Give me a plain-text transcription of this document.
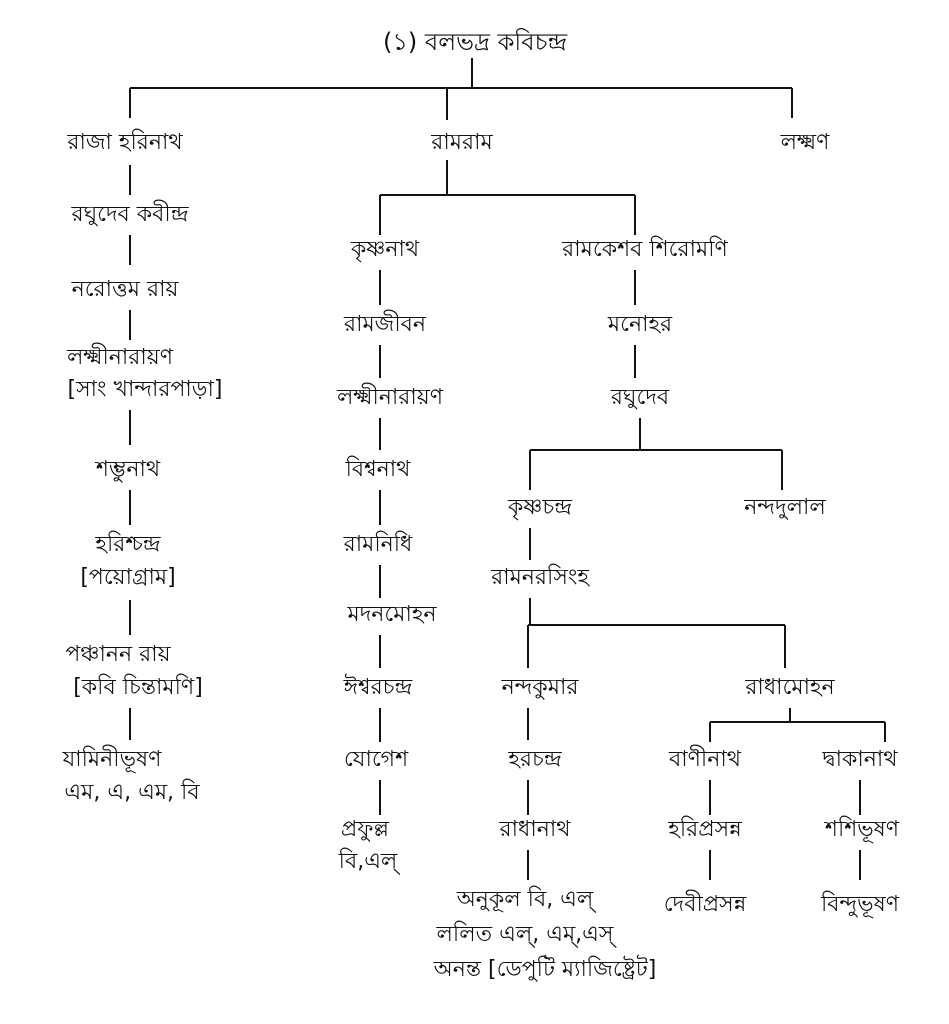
(১) বলভদ্র কবিচন্দ্র
রাজা হরিনাথ	রামরাম	লক্ষ্মণ
রঘুদেব কবীন্দ্র
নরোত্তম রায়
লক্ষ্মীনারায়ণ
[সাং খান্দারপাড়া]
শম্ভুনাথ
হরিশ্চন্দ্র
[পয়োগ্রাম]
পঞ্চানন রায়
[কবি চিন্তামণি]
যামিনীভূষণ
এম, এ, এম, বি
কৃষ্ণনাথ
রামজীবন
লক্ষ্মীনারায়ণ
বিশ্বনাথ
রামনিধি
মদনমোহন
ঈশ্বরচন্দ্র
যোগেশ
প্রফুল্ল
বি,এল্
রামকেশব শিরোমণি
মনোহর
রঘুদেব
কৃষ্ণচন্দ্র	নন্দদুলাল
রামনরসিংহ
নন্দকুমার	রাধামোহন
হরচন্দ্র
রাধানাথ
অনুকূল বি, এল্
ললিত এল্, এম্,এস্
অনন্ত [ডেপুটি ম্যাজিষ্ট্রেট]
বাণীনাথ	দ্বাকানাথ
হরিপ্রসন্ন
দেবীপ্রসন্ন
শশিভূষণ
বিন্দুভূষণ
